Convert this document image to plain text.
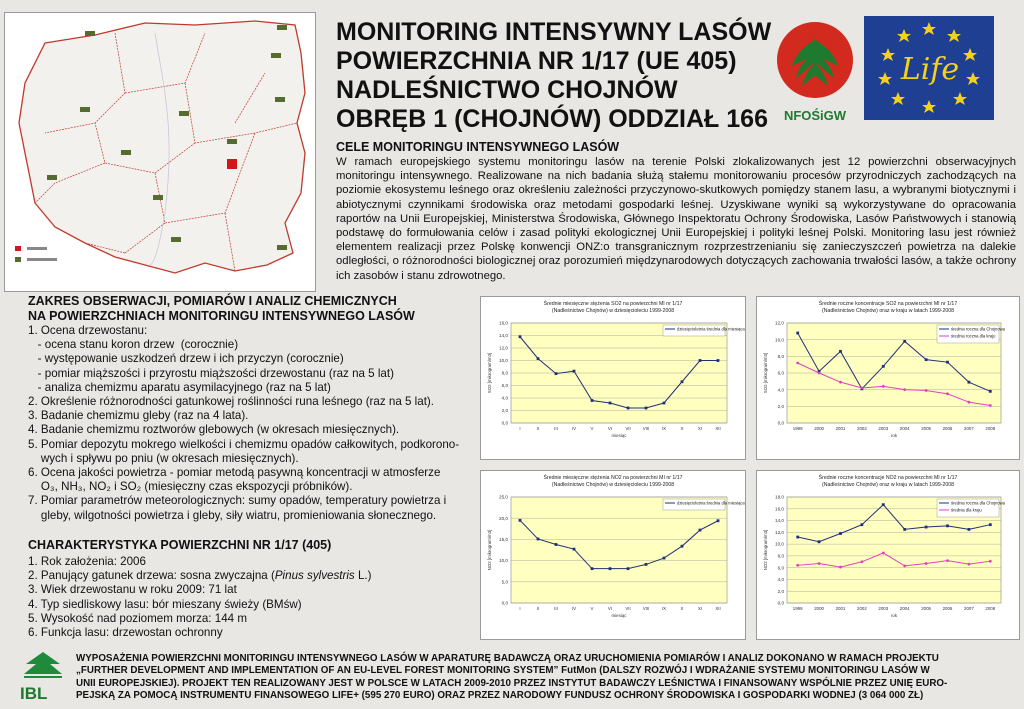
MONITORING INTENSYWNY LASÓW
POWIERZCHNIA NR 1/17 (UE 405)
NADLEŚNICTWO CHOJNÓW
OBRĘB 1 (CHOJNÓW) ODDZIAŁ 166	NFOŚiGW
Life
CELE MONITORINGU INTENSYWNEGO LASÓW
W ramach europejskiego systemu monitoringu lasów na terenie Polski zlokalizowanych jest 12 powierzchni obserwacyjnych monitoringu intensywnego. Realizowane na nich badania służą stałemu monitorowaniu procesów przyrodniczych zachodzących na poziomie ekosystemu leśnego oraz określeniu zależności przyczynowo-skutkowych pomiędzy stanem lasu, a wybranymi biotycznymi i abiotycznymi czynnikami środowiska oraz metodami gospodarki leśnej. Uzyskiwane wyniki są wykorzystywane do opracowania raportów na Unii Europejskiej, Ministerstwa Środowiska, Głównego Inspektoratu Ochrony Środowiska, Lasów Państwowych i stanowią podstawę do formułowania celów i zasad polityki ekologicznej Unii Europejskiej i polityki leśnej Polski. Monitoring lasu jest również elementem realizacji przez Polskę konwencji ONZ:o transgranicznym rozprzestrzenianiu się zanieczyszczeń powietrza na dalekie odległości, o różnorodności biologicznej oraz porozumień międzynarodowych dotyczących zachowania trwałości lasów, a także ochrony ich zasobów i stanu zdrowotnego.
ZAKRES OBSERWACJI, POMIARÓW I ANALIZ CHEMICZNYCH
NA POWIERZCHNIACH MONITORINGU INTENSYWNEGO LASÓW
1. Ocena drzewostanu:
- ocena stanu koron drzew  (corocznie)
- występowanie uszkodzeń drzew i ich przyczyn (corocznie)
- pomiar miąższości i przyrostu miąższości drzewostanu (raz na 5 lat)
- analiza chemizmu aparatu asymilacyjnego (raz na 5 lat)
2. Określenie różnorodności gatunkowej roślinności runa leśnego (raz na 5 lat).
3. Badanie chemizmu gleby (raz na 4 lata).
4. Badanie chemizmu roztworów glebowych (w okresach miesięcznych).
5. Pomiar depozytu mokrego wielkości i chemizmu opadów całkowitych, podkorono-
wych i spływu po pniu (w okresach miesięcznych).
6. Ocena jakości powietrza - pomiar metodą pasywną koncentracji w atmosferze
O₃, NH₃, NO₂ i SO₂ (miesięczny czas ekspozycji próbników).
7. Pomiar parametrów meteorologicznych: sumy opadów, temperatury powietrza i
gleby, wilgotności powietrza i gleby, siły wiatru, promieniowania słonecznego.
CHARAKTERYSTYKA POWIERZCHNI NR 1/17 (405)
1. Rok założenia: 2006
2. Panujący gatunek drzewa: sosna zwyczajna (Pinus sylvestris L.)
3. Wiek drzewostanu w roku 2009: 71 lat
4. Typ siedliskowy lasu: bór mieszany świeży (BMśw)
5. Wysokość nad poziomem morza: 144 m
6. Funkcja lasu: drzewostan ochronny
Średnie miesięczne stężenia SO2 na powierzchni MI nr 1/17
(Nadleśnictwo Chojnów) w dziesięcioleciu 1999-2008
0,0
2,0
4,0
6,0
8,0
10,0
12,0
14,0
16,0
I	II	III	IV	V	VI	VII	VIII	IX	X	XI	XII
miesiąc
SO2 [mikrogram/m3]
dziesięcioletnia średnia dla miesiąca
Średnie roczne koncentracje SO2 na powierzchni MI nr 1/17
(Nadleśnictwo Chojnów) oraz w kraju w latach 1999-2008
0,0
2,0
4,0
6,0
8,0
10,0
12,0
1999	2000	2001	2002	2003	2004	2005	2006	2007	2008
rok
SO2 [mikrogram/m3]
średnia roczna dla Chojnowa
średnia roczna dla kraju
Średnie miesięczne stężenia NO2 na powierzchni MI nr 1/17
(Nadleśnictwo Chojnów) w dziesięcioleciu 1999-2008
0,0
5,0
10,0
15,0
20,0
25,0
I	II	III	IV	V	VI	VII	VIII	IX	X	XI	XII
miesiąc
NO2 [mikrogram/m3]
dziesięcioletnia średnia dla miesiąca
Średnie roczne koncentracje NO2 na powierzchni MI nr 1/17
(Nadleśnictwo Chojnów) oraz w kraju w latach 1999-2008
0,0
2,0
4,0
6,0
8,0
10,0
12,0
14,0
16,0
18,0
1999	2000	2001	2002	2003	2004	2005	2006	2007	2008
rok
NO2 [mikrogram/m3]
średnia roczna dla Chojnowa
średnia dla kraju
IBL
WYPOSAŻENIA POWIERZCHNI MONITORINGU INTENSYWNEGO LASÓW W APARATURĘ BADAWCZĄ ORAZ URUCHOMIENIA POMIARÓW I ANALIZ DOKONANO W RAMACH PROJEKTU
„FURTHER DEVELOPMENT AND IMPLEMENTATION OF AN EU-LEVEL FOREST MONITORING SYSTEM” FutMon (DALSZY ROZWÓJ I WDRAŻANIE SYSTEMU MONITORINGU LASÓW W
UNII EUROPEJSKIEJ). PROJEKT TEN REALIZOWANY JEST W POLSCE W LATACH 2009-2010 PRZEZ INSTYTUT BADAWCZY LEŚNICTWA I FINANSOWANY WSPÓLNIE PRZEZ UNIĘ EURO-
PEJSKĄ ZA POMOCĄ INSTRUMENTU FINANSOWEGO LIFE+ (595 270 EURO) ORAZ PRZEZ NARODOWY FUNDUSZ OCHRONY ŚRODOWISKA I GOSPODARKI WODNEJ (3 064 000 ZŁ)
